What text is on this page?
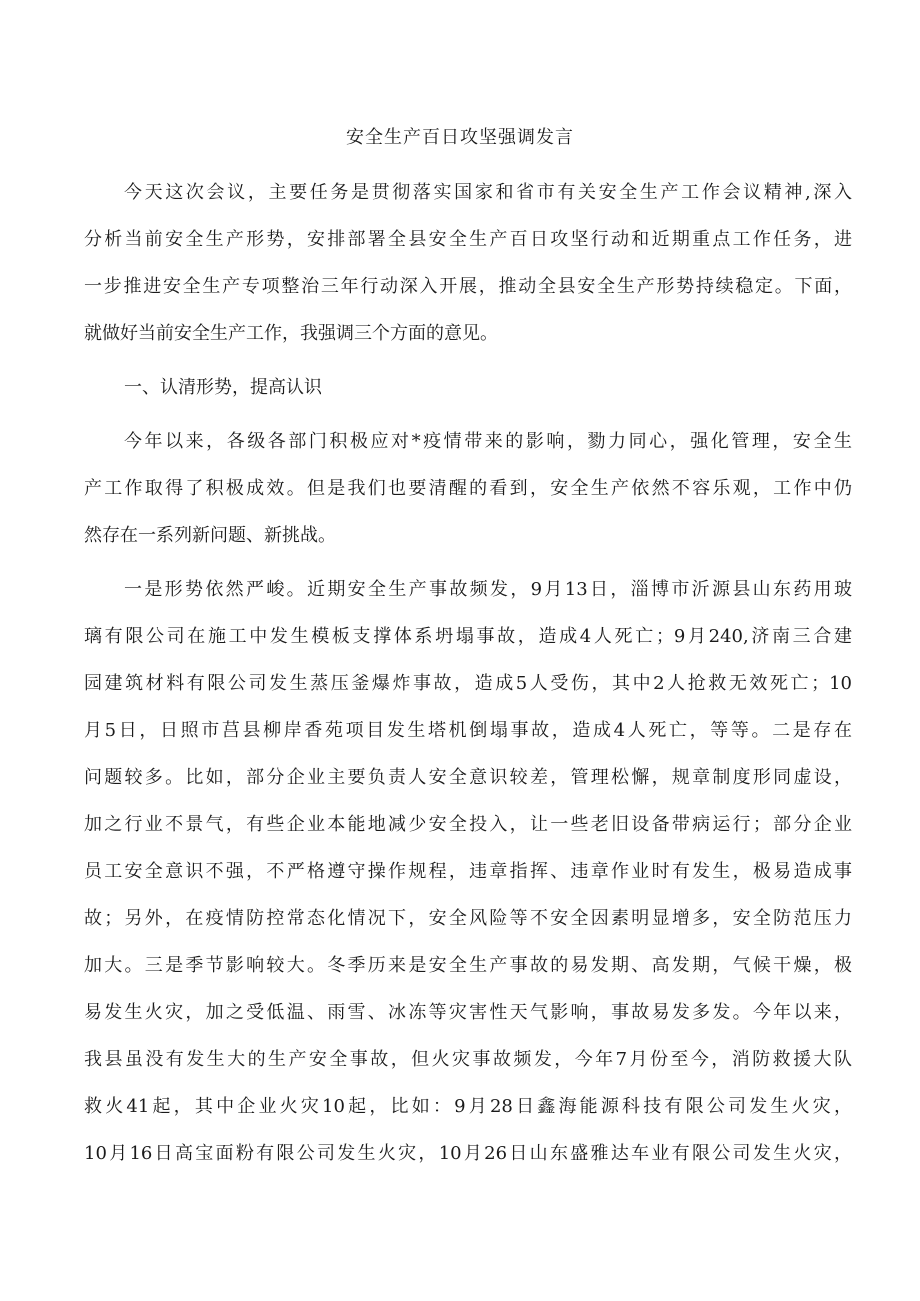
安全生产百日攻坚强调发言
今天这次会议，主要任务是贯彻落实国家和省市有关安全生产工作会议精神,深入
分析当前安全生产形势，安排部署全县安全生产百日攻坚行动和近期重点工作任务，进
一步推进安全生产专项整治三年行动深入开展，推动全县安全生产形势持续稳定。下面，
就做好当前安全生产工作，我强调三个方面的意见。
一、认清形势，提高认识
今年以来，各级各部门积极应对*疫情带来的影响，勠力同心，强化管理，安全生
产工作取得了积极成效。但是我们也要清醒的看到，安全生产依然不容乐观，工作中仍
然存在一系列新问题、新挑战。
一是形势依然严峻。近期安全生产事故频发，9月13日，淄博市沂源县山东药用玻
璃有限公司在施工中发生模板支撑体系坍塌事故，造成4人死亡；9月240,济南三合建
园建筑材料有限公司发生蒸压釜爆炸事故，造成5人受伤，其中2人抢救无效死亡；10
月5日，日照市莒县柳岸香苑项目发生塔机倒塌事故，造成4人死亡，等等。二是存在
问题较多。比如，部分企业主要负责人安全意识较差，管理松懈，规章制度形同虚设，
加之行业不景气，有些企业本能地减少安全投入，让一些老旧设备带病运行；部分企业
员工安全意识不强，不严格遵守操作规程，违章指挥、违章作业时有发生，极易造成事
故；另外，在疫情防控常态化情况下，安全风险等不安全因素明显增多，安全防范压力
加大。三是季节影响较大。冬季历来是安全生产事故的易发期、高发期，气候干燥，极
易发生火灾，加之受低温、雨雪、冰冻等灾害性天气影响，事故易发多发。今年以来，
我县虽没有发生大的生产安全事故，但火灾事故频发，今年7月份至今，消防救援大队
救火41起，其中企业火灾10起，比如：9月28日鑫海能源科技有限公司发生火灾，
10月16日高宝面粉有限公司发生火灾，10月26日山东盛雅达车业有限公司发生火灾，
